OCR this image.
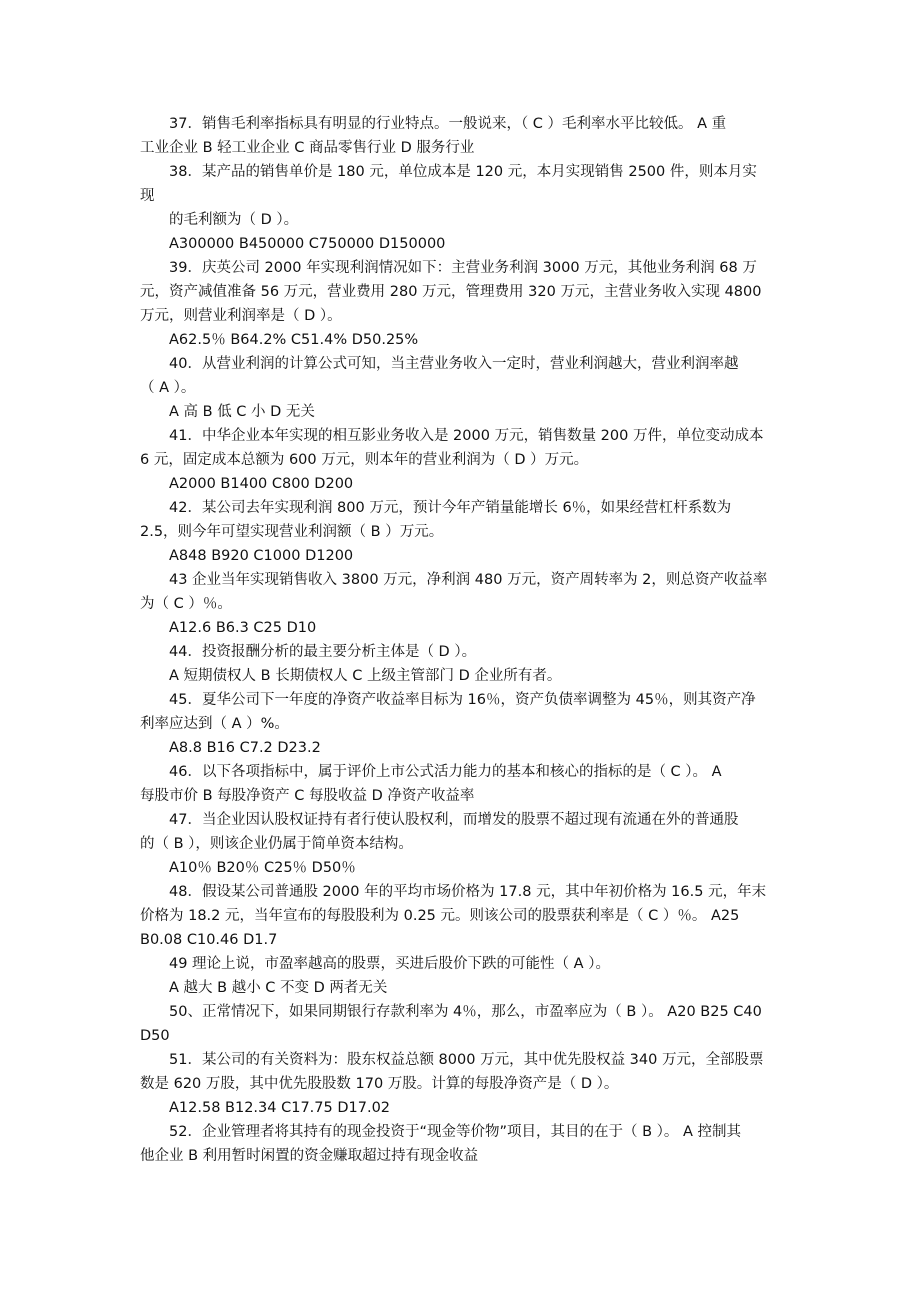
37．销售毛利率指标具有明显的行业特点。一般说来，（ C ）毛利率水平比较低。 A 重
工业企业 B 轻工业企业 C 商品零售行业 D 服务行业
38．某产品的销售单价是 180 元，单位成本是 120 元，本月实现销售 2500 件，则本月实
现
的毛利额为（ D ）。
A300000 B450000 C750000 D150000
39．庆英公司 2000 年实现利润情况如下：主营业务利润 3000 万元，其他业务利润 68 万
元，资产减值准备 56 万元，营业费用 280 万元，管理费用 320 万元，主营业务收入实现 4800
万元，则营业利润率是（ D ）。
A62.5％ B64.2% C51.4% D50.25%
40．从营业利润的计算公式可知，当主营业务收入一定时，营业利润越大，营业利润率越
（ A ）。
A 高 B 低 C 小 D 无关
41．中华企业本年实现的相互影业务收入是 2000 万元，销售数量 200 万件，单位变动成本
6 元，固定成本总额为 600 万元，则本年的营业利润为（ D ）万元。
A2000 B1400 C800 D200
42．某公司去年实现利润 800 万元，预计今年产销量能增长 6％，如果经营杠杆系数为
2.5，则今年可望实现营业利润额（ B ）万元。
A848 B920 C1000 D1200
43 企业当年实现销售收入 3800 万元，净利润 480 万元，资产周转率为 2，则总资产收益率
为（ C ）％。
A12.6 B6.3 C25 D10
44．投资报酬分析的最主要分析主体是（ D ）。
A 短期债权人 B 长期债权人 C 上级主管部门 D 企业所有者。
45．夏华公司下一年度的净资产收益率目标为 16％，资产负债率调整为 45％，则其资产净
利率应达到（ A ）%。
A8.8 B16 C7.2 D23.2
46．以下各项指标中，属于评价上市公式活力能力的基本和核心的指标的是（ C ）。 A
每股市价 B 每股净资产 C 每股收益 D 净资产收益率
47．当企业因认股权证持有者行使认股权利，而增发的股票不超过现有流通在外的普通股
的（ B ），则该企业仍属于简单资本结构。
A10％ B20％ C25％ D50％
48．假设某公司普通股 2000 年的平均市场价格为 17.8 元，其中年初价格为 16.5 元，年末
价格为 18.2 元，当年宣布的每股股利为 0.25 元。则该公司的股票获利率是（ C ）％。 A25
B0.08 C10.46 D1.7
49 理论上说，市盈率越高的股票，买进后股价下跌的可能性（ A ）。
A 越大 B 越小 C 不变 D 两者无关
50、正常情况下，如果同期银行存款利率为 4％，那么，市盈率应为（ B ）。 A20 B25 C40
D50
51．某公司的有关资料为：股东权益总额 8000 万元，其中优先股权益 340 万元，全部股票
数是 620 万股，其中优先股股数 170 万股。计算的每股净资产是（ D ）。
A12.58 B12.34 C17.75 D17.02
52．企业管理者将其持有的现金投资于“现金等价物”项目，其目的在于（ B ）。 A 控制其
他企业 B 利用暂时闲置的资金赚取超过持有现金收益
